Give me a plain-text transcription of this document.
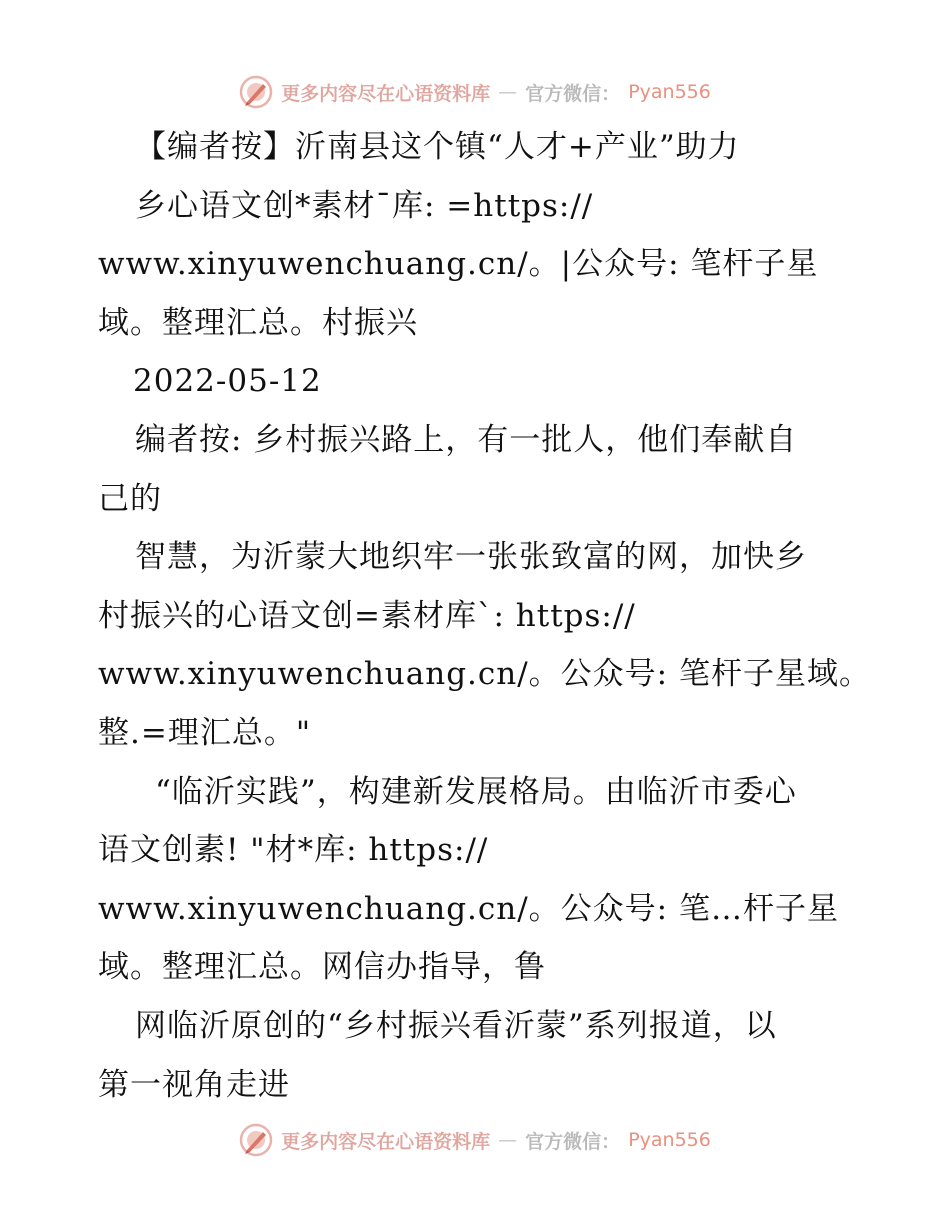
更多内容尽在心语资料库 — 官方微信： Pyan556
【编者按】沂南县这个镇“人才+产业”助力
乡心语文创*素材¯库: =https://
www.xinyuwenchuang.cn/。|公众号: 笔杆子星
域。整理汇总。村振兴
2022-05-12
编者按: 乡村振兴路上，有一批人，他们奉献自
己的
智慧，为沂蒙大地织牢一张张致富的网，加快乡
村振兴的心语文创=素材库`: https://
www.xinyuwenchuang.cn/。公众号: 笔杆子星域。
整.=理汇总。"
“临沂实践”，构建新发展格局。由临沂市委心
语文创素! "材*库: https://
www.xinyuwenchuang.cn/。公众号: 笔…杆子星
域。整理汇总。网信办指导，鲁
网临沂原创的“乡村振兴看沂蒙”系列报道，以
第一视角走进
更多内容尽在心语资料库 — 官方微信： Pyan556
